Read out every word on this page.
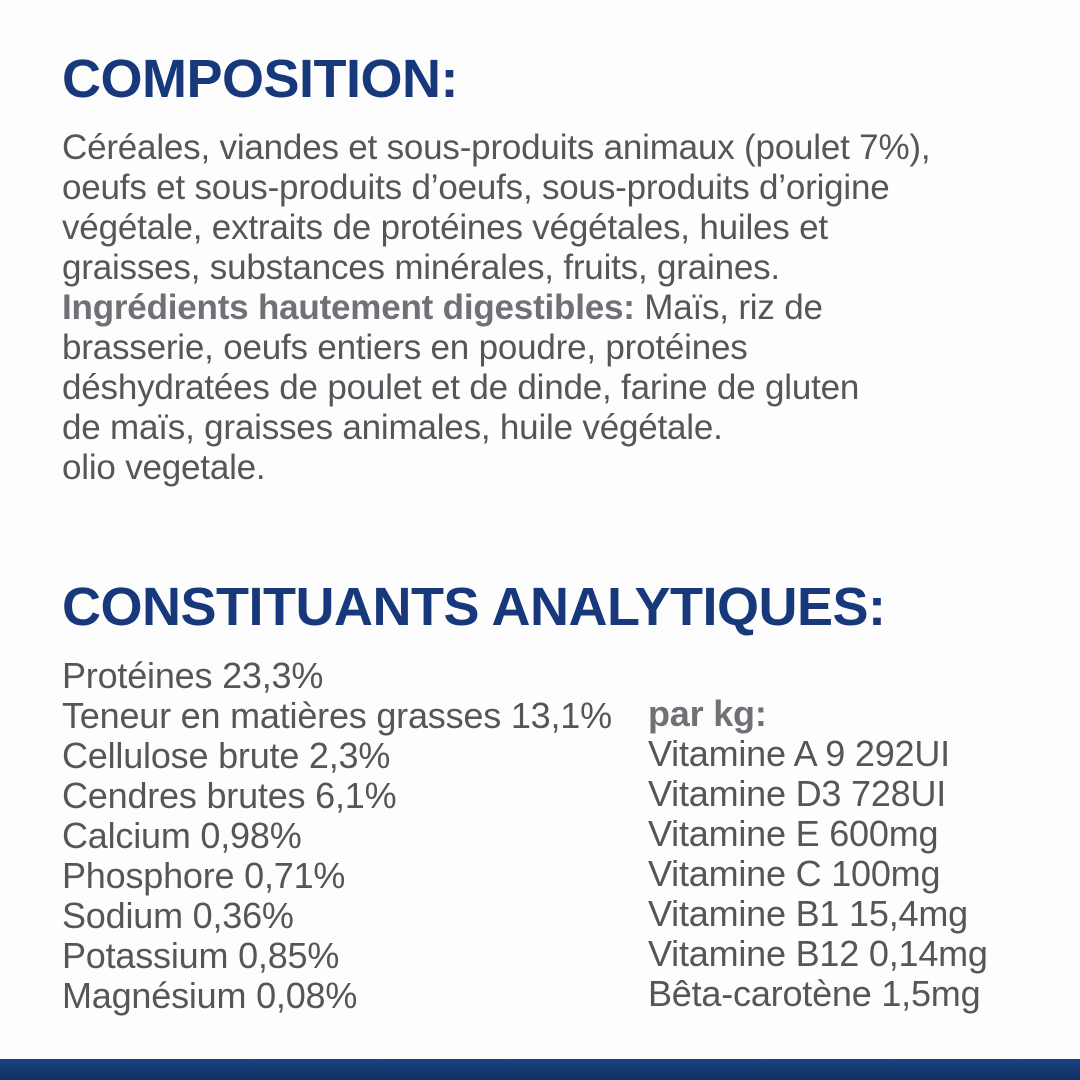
COMPOSITION:
Céréales, viandes et sous-produits animaux (poulet 7%),
oeufs et sous-produits d’oeufs, sous-produits d’origine
végétale, extraits de protéines végétales, huiles et
graisses, substances minérales, fruits, graines.
Ingrédients hautement digestibles: Maïs, riz de
brasserie, oeufs entiers en poudre, protéines
déshydratées de poulet et de dinde, farine de gluten
de maïs, graisses animales, huile végétale.
olio vegetale.
CONSTITUANTS ANALYTIQUES:
Protéines 23,3%
Teneur en matières grasses 13,1%
Cellulose brute 2,3%
Cendres brutes 6,1%
Calcium 0,98%
Phosphore 0,71%
Sodium 0,36%
Potassium 0,85%
Magnésium 0,08%
par kg:
Vitamine A 9 292UI
Vitamine D3 728UI
Vitamine E 600mg
Vitamine C 100mg
Vitamine B1 15,4mg
Vitamine B12 0,14mg
Bêta-carotène 1,5mg
